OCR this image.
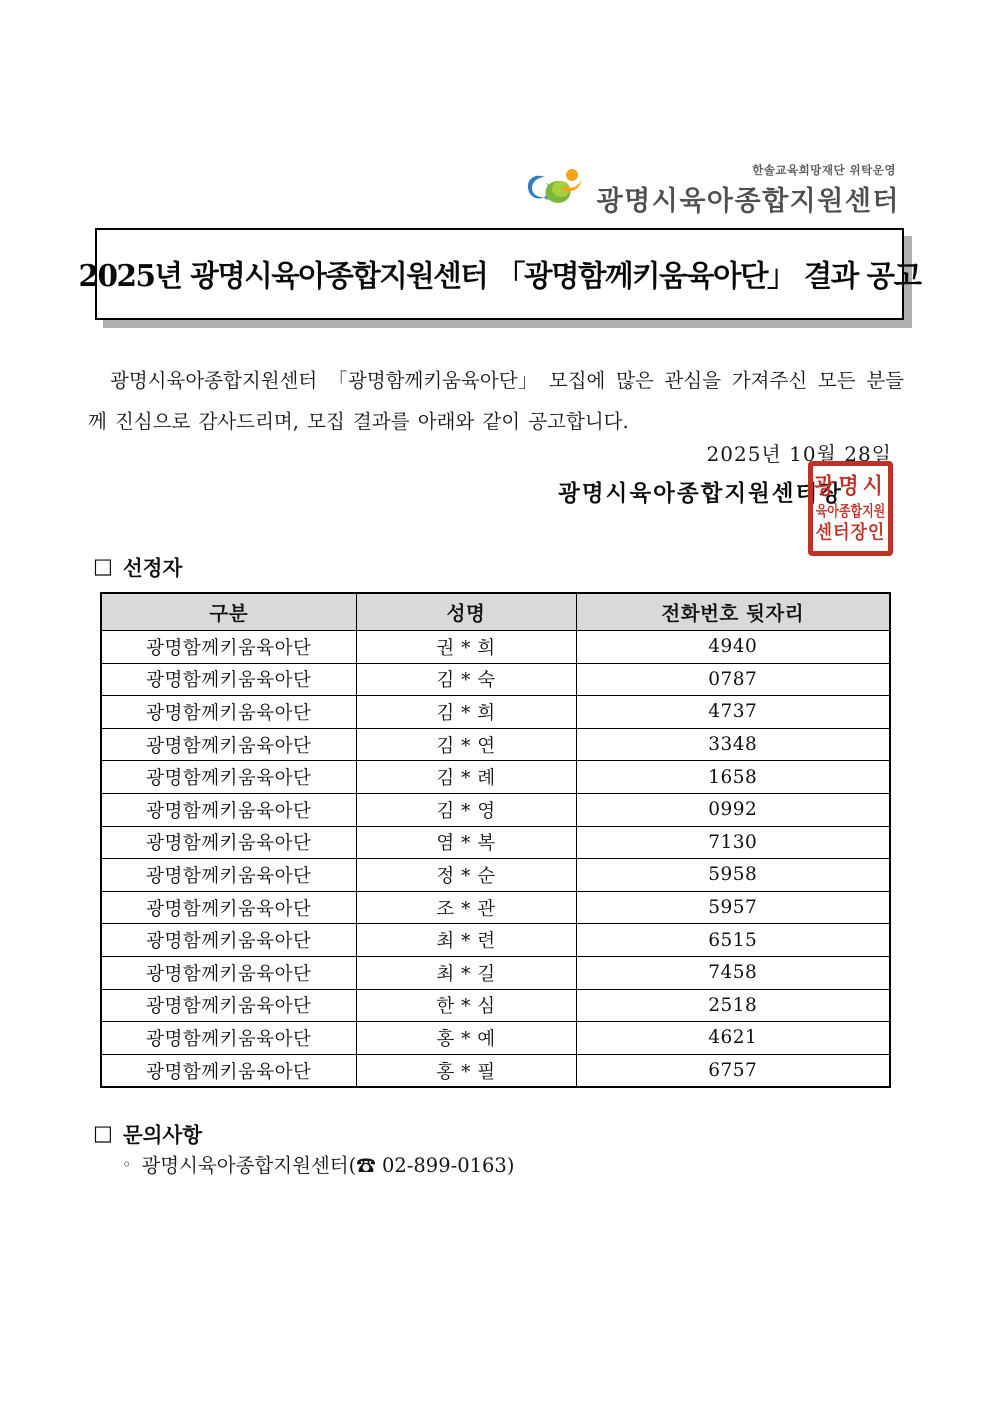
한솔교육희망재단 위탁운영
광명시육아종합지원센터
2025년 광명시육아종합지원센터 「광명함께키움육아단」 결과 공고
광명시육아종합지원센터 「광명함께키움육아단」 모집에 많은 관심을 가져주신 모든 분들
께 진심으로 감사드리며, 모집 결과를 아래와 같이 공고합니다.
2025년 10월 28일
광명시육아종합지원센터장
광명시
육아종합지원
센터장인
□ 선정자
구분	성명	전화번호 뒷자리
광명함께키움육아단	권 * 희	4940
광명함께키움육아단	김 * 숙	0787
광명함께키움육아단	김 * 희	4737
광명함께키움육아단	김 * 연	3348
광명함께키움육아단	김 * 례	1658
광명함께키움육아단	김 * 영	0992
광명함께키움육아단	염 * 복	7130
광명함께키움육아단	정 * 순	5958
광명함께키움육아단	조 * 관	5957
광명함께키움육아단	최 * 련	6515
광명함께키움육아단	최 * 길	7458
광명함께키움육아단	한 * 심	2518
광명함께키움육아단	홍 * 예	4621
광명함께키움육아단	홍 * 필	6757
□ 문의사항
◦ 광명시육아종합지원센터(☎ 02-899-0163)
